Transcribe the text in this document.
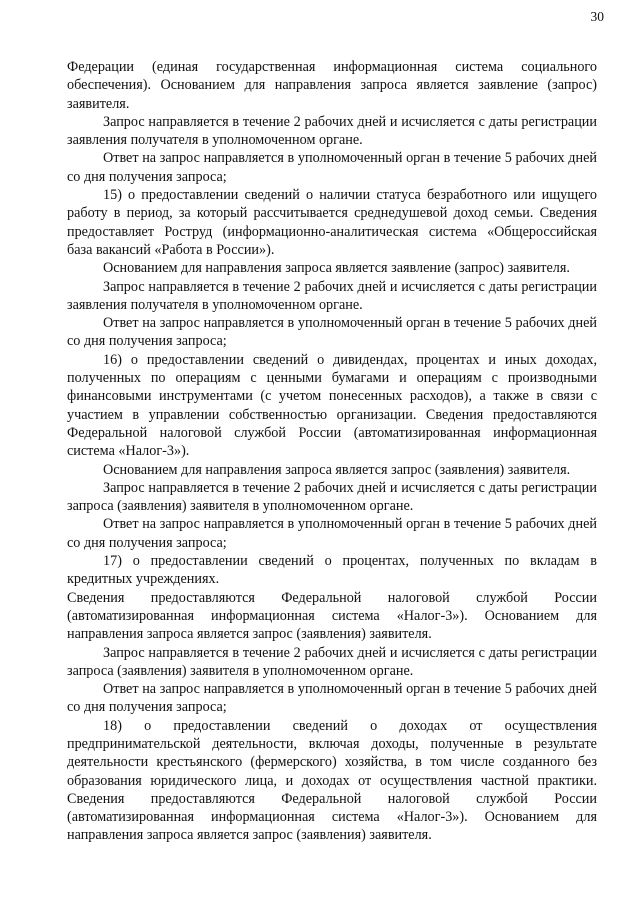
30

Федерации (единая государственная информационная система социального обеспечения). Основанием для направления запроса является заявление (запрос) заявителя.

Запрос направляется в течение 2 рабочих дней и исчисляется с даты регистрации заявления получателя в уполномоченном органе.

Ответ на запрос направляется в уполномоченный орган в течение 5 рабочих дней со дня получения запроса;

15) о предоставлении сведений о наличии статуса безработного или ищущего работу в период, за который рассчитывается среднедушевой доход семьи. Сведения предоставляет Роструд (информационно-аналитическая система «Общероссийская база вакансий «Работа в России»).

Основанием для направления запроса является заявление (запрос) заявителя.

Запрос направляется в течение 2 рабочих дней и исчисляется с даты регистрации заявления получателя в уполномоченном органе.

Ответ на запрос направляется в уполномоченный орган в течение 5 рабочих дней со дня получения запроса;

16) о предоставлении сведений о дивидендах, процентах и иных доходах, полученных по операциям с ценными бумагами и операциям с производными финансовыми инструментами (с учетом понесенных расходов), а также в связи с участием в управлении собственностью организации. Сведения предоставляются Федеральной налоговой службой России (автоматизированная информационная система «Налог-3»).

Основанием для направления запроса является запрос (заявления) заявителя.

Запрос направляется в течение 2 рабочих дней и исчисляется с даты регистрации запроса (заявления) заявителя в уполномоченном органе.

Ответ на запрос направляется в уполномоченный орган в течение 5 рабочих дней со дня получения запроса;

17) о предоставлении сведений о процентах, полученных по вкладам в кредитных учреждениях.

Сведения предоставляются Федеральной налоговой службой России (автоматизированная информационная система «Налог-3»). Основанием для направления запроса является запрос (заявления) заявителя.

Запрос направляется в течение 2 рабочих дней и исчисляется с даты регистрации запроса (заявления) заявителя в уполномоченном органе.

Ответ на запрос направляется в уполномоченный орган в течение 5 рабочих дней со дня получения запроса;

18) о предоставлении сведений о доходах от осуществления предпринимательской деятельности, включая доходы, полученные в результате деятельности крестьянского (фермерского) хозяйства, в том числе созданного без образования юридического лица, и доходах от осуществления частной практики. Сведения предоставляются Федеральной налоговой службой России (автоматизированная информационная система «Налог-3»). Основанием для направления запроса является запрос (заявления) заявителя.
